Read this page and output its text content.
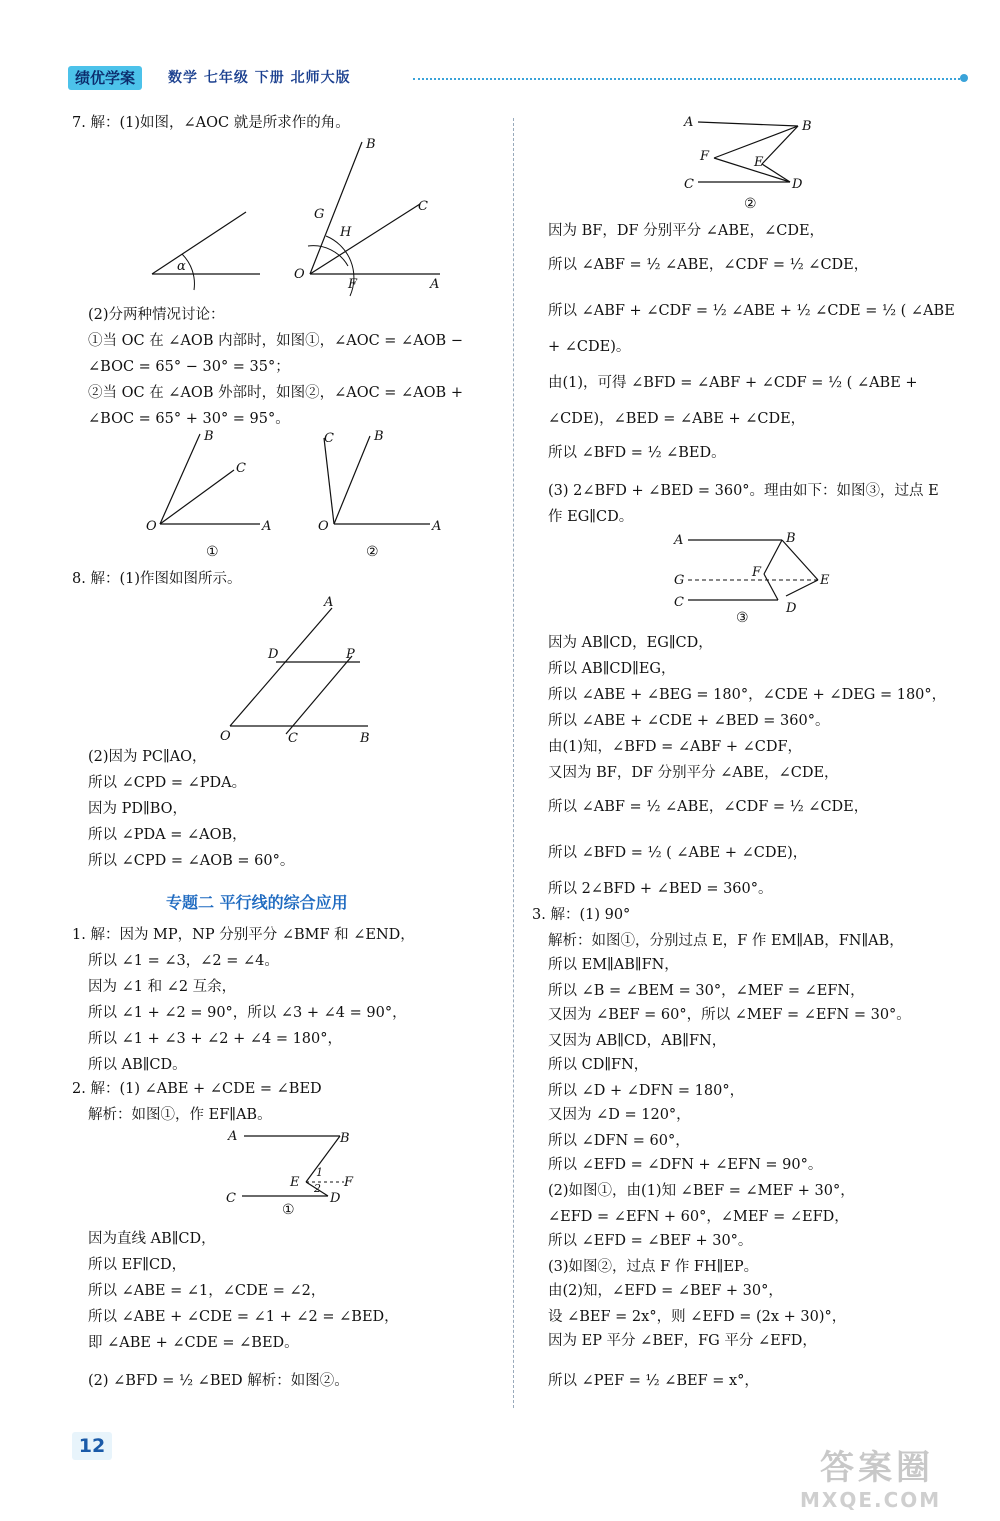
绩优学案	数学 七年级 下册 北师大版
7. 解：(1)如图，∠AOC 就是所求作的角。
α
B
G
H
C
O
F	A
(2)分两种情况讨论：
①当 OC 在 ∠AOB 内部时，如图①，∠AOC = ∠AOB −
∠BOC = 65° − 30° = 35°；
②当 OC 在 ∠AOB 外部时，如图②，∠AOC = ∠AOB +
∠BOC = 65° + 30° = 95°。
B
C
O	A
C	B
O	A
①	②
8. 解：(1)作图如图所示。
A
D	P
O	C	B
(2)因为 PC∥AO，
所以 ∠CPD = ∠PDA。
因为 PD∥BO，
所以 ∠PDA = ∠AOB，
所以 ∠CPD = ∠AOB = 60°。
专题二 平行线的综合应用
1. 解：因为 MP，NP 分别平分 ∠BMF 和 ∠END，
所以 ∠1 = ∠3，∠2 = ∠4。
因为 ∠1 和 ∠2 互余，
所以 ∠1 + ∠2 = 90°，所以 ∠3 + ∠4 = 90°，
所以 ∠1 + ∠3 + ∠2 + ∠4 = 180°，
所以 AB∥CD。
2. 解：(1) ∠ABE + ∠CDE = ∠BED
解析：如图①，作 EF∥AB。
A	B
1
E 2 F
C	D
①
因为直线 AB∥CD，
所以 EF∥CD，
所以 ∠ABE = ∠1，∠CDE = ∠2，
所以 ∠ABE + ∠CDE = ∠1 + ∠2 = ∠BED，
即 ∠ABE + ∠CDE = ∠BED。
(2) ∠BFD = ½ ∠BED 解析：如图②。
A	B
F	E
C	D
②
因为 BF，DF 分别平分 ∠ABE，∠CDE，
所以 ∠ABF = ½ ∠ABE，∠CDF = ½ ∠CDE，
所以 ∠ABF + ∠CDF = ½ ∠ABE + ½ ∠CDE = ½ ( ∠ABE
+ ∠CDE)。
由(1)，可得 ∠BFD = ∠ABF + ∠CDF = ½ ( ∠ABE +
∠CDE)，∠BED = ∠ABE + ∠CDE，
所以 ∠BFD = ½ ∠BED。
(3) 2∠BFD + ∠BED = 360°。理由如下：如图③，过点 E
作 EG∥CD。
A	B
G
F
E
C	D
③
因为 AB∥CD，EG∥CD，
所以 AB∥CD∥EG，
所以 ∠ABE + ∠BEG = 180°，∠CDE + ∠DEG = 180°，
所以 ∠ABE + ∠CDE + ∠BED = 360°。
由(1)知，∠BFD = ∠ABF + ∠CDF，
又因为 BF，DF 分别平分 ∠ABE，∠CDE，
所以 ∠ABF = ½ ∠ABE，∠CDF = ½ ∠CDE，
所以 ∠BFD = ½ ( ∠ABE + ∠CDE)，
所以 2∠BFD + ∠BED = 360°。
3. 解：(1) 90°
解析：如图①，分别过点 E，F 作 EM∥AB，FN∥AB，
所以 EM∥AB∥FN，
所以 ∠B = ∠BEM = 30°，∠MEF = ∠EFN，
又因为 ∠BEF = 60°，所以 ∠MEF = ∠EFN = 30°。
又因为 AB∥CD，AB∥FN，
所以 CD∥FN，
所以 ∠D + ∠DFN = 180°，
又因为 ∠D = 120°，
所以 ∠DFN = 60°，
所以 ∠EFD = ∠DFN + ∠EFN = 90°。
(2)如图①，由(1)知 ∠BEF = ∠MEF + 30°，
∠EFD = ∠EFN + 60°，∠MEF = ∠EFD，
所以 ∠EFD = ∠BEF + 30°。
(3)如图②，过点 F 作 FH∥EP。
由(2)知，∠EFD = ∠BEF + 30°，
设 ∠BEF = 2x°，则 ∠EFD = (2x + 30)°，
因为 EP 平分 ∠BEF，FG 平分 ∠EFD，
所以 ∠PEF = ½ ∠BEF = x°，
12
答案圈
MXQE.COM
